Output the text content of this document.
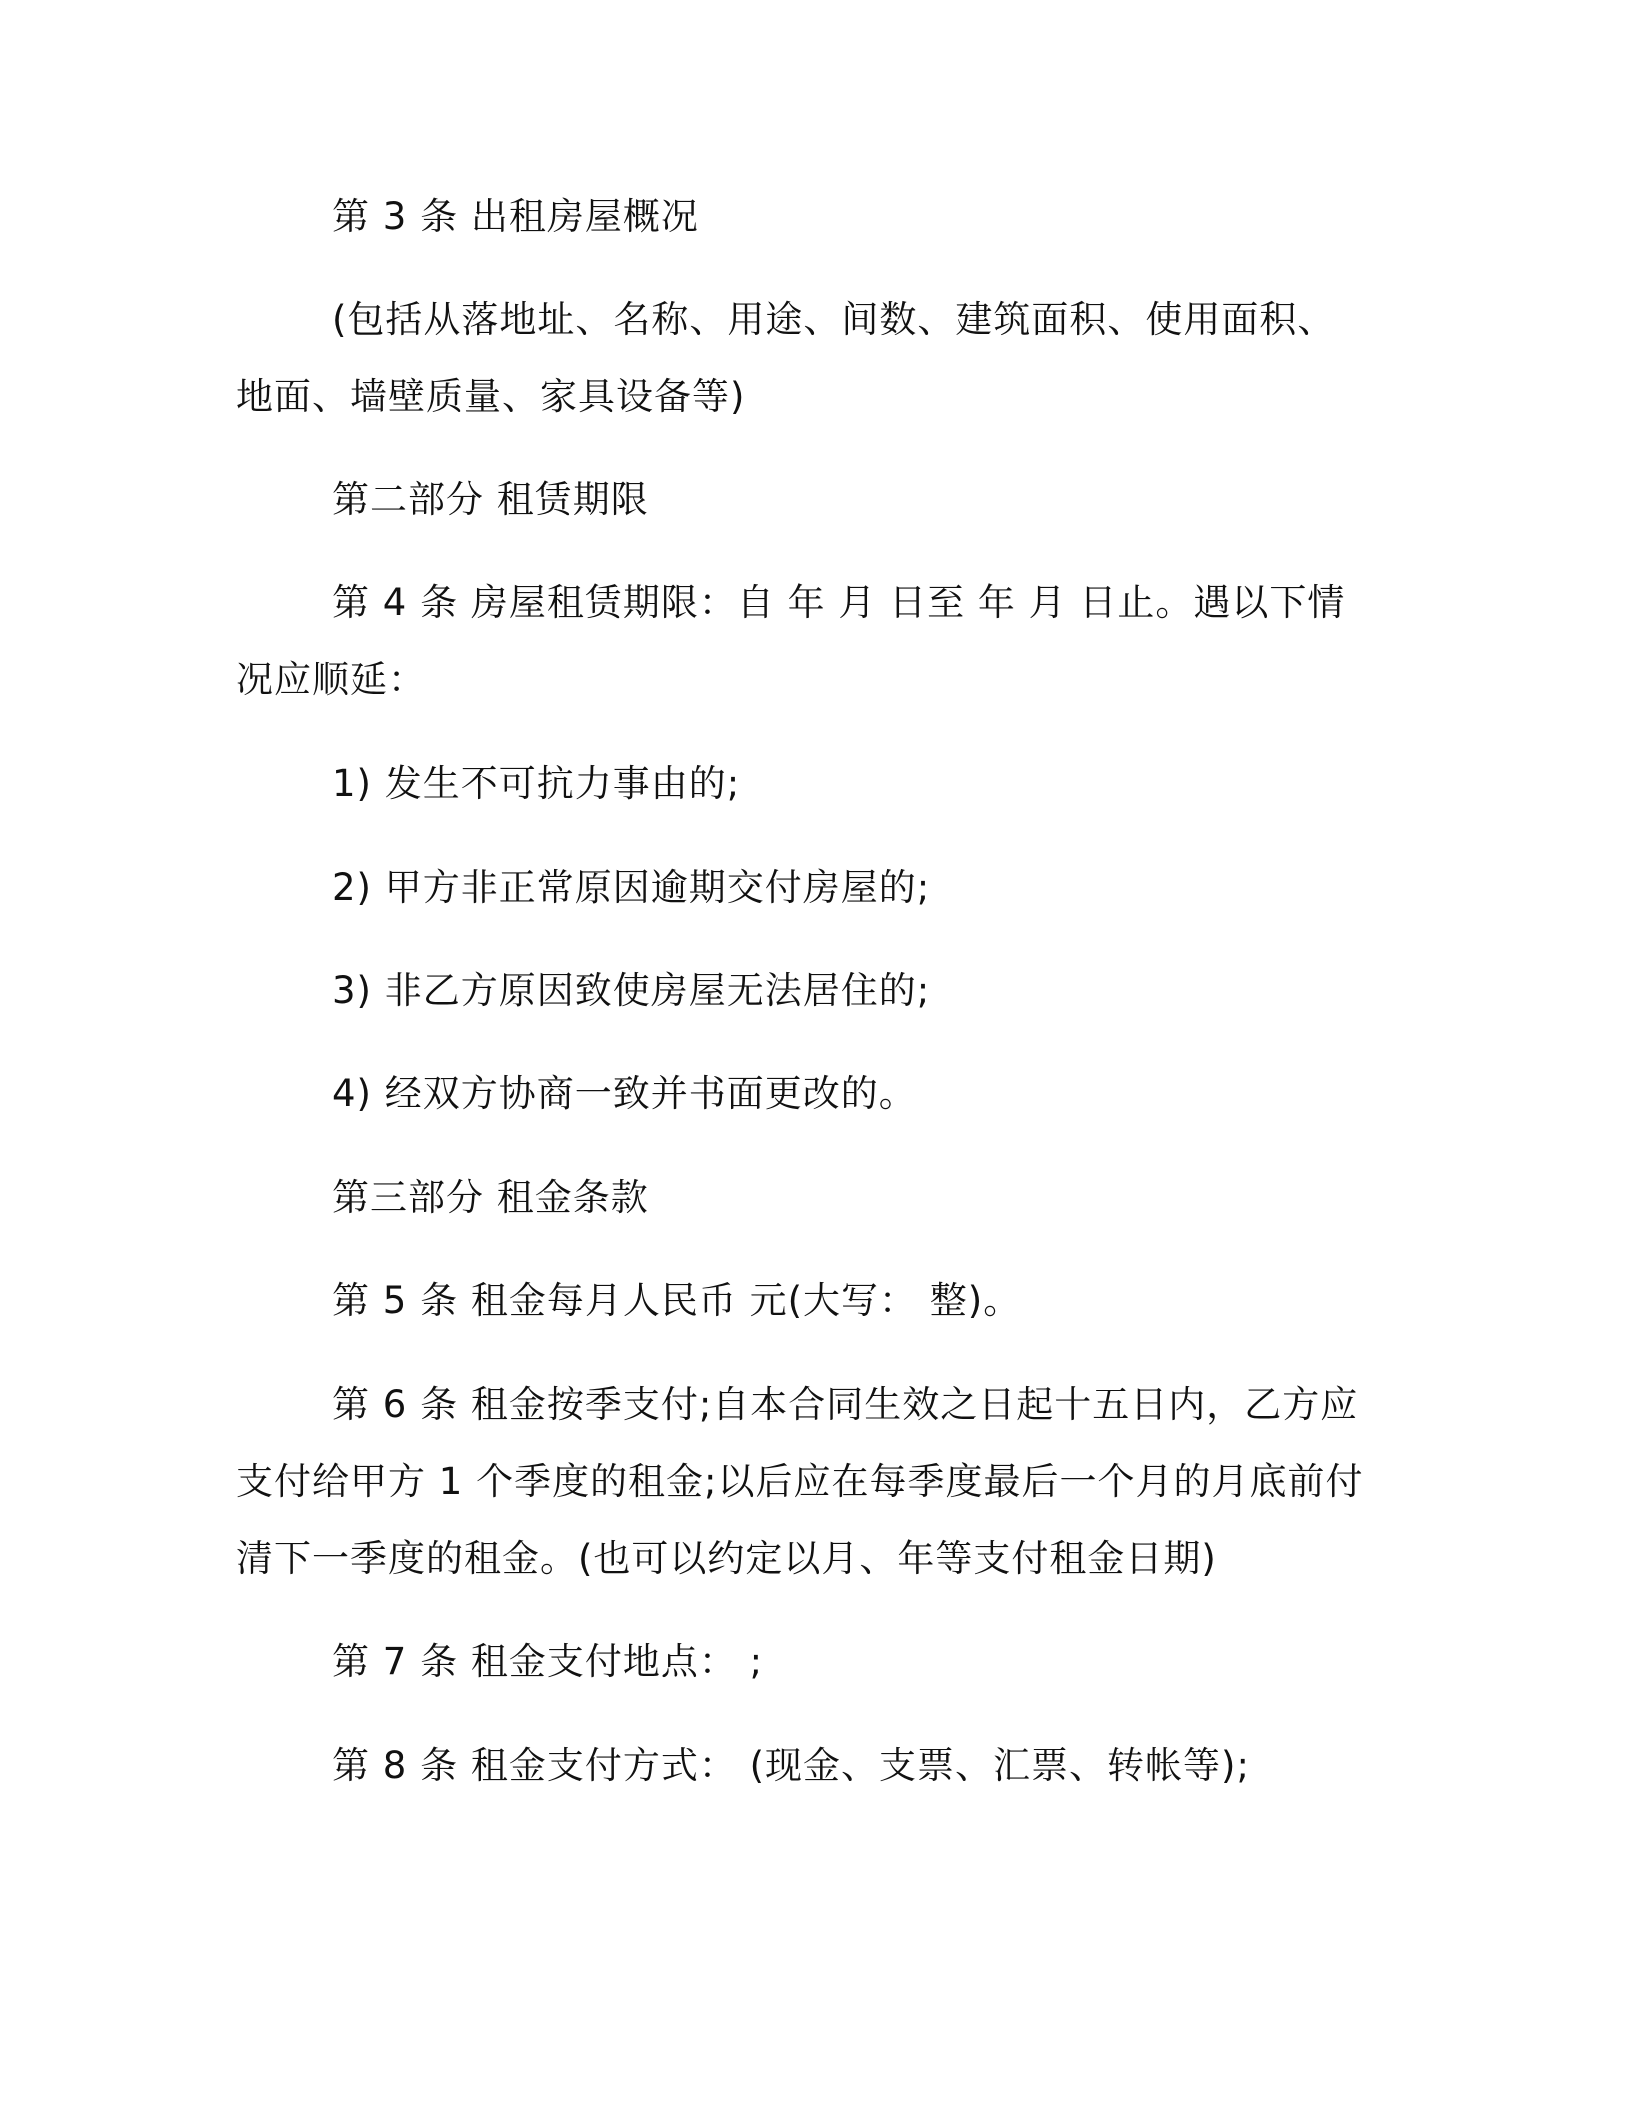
第 3 条 出租房屋概况

(包括从落地址、名称、用途、间数、建筑面积、使用面积、地面、墙壁质量、家具设备等)

第二部分 租赁期限

第 4 条 房屋租赁期限：自 年 月 日至 年 月 日止。遇以下情况应顺延：

1) 发生不可抗力事由的;

2) 甲方非正常原因逾期交付房屋的;

3) 非乙方原因致使房屋无法居住的;

4) 经双方协商一致并书面更改的。

第三部分 租金条款

第 5 条 租金每月人民币 元(大写： 整)。

第 6 条 租金按季支付;自本合同生效之日起十五日内，乙方应支付给甲方 1 个季度的租金;以后应在每季度最后一个月的月底前付清下一季度的租金。(也可以约定以月、年等支付租金日期)

第 7 条 租金支付地点： ;

第 8 条 租金支付方式： (现金、支票、汇票、转帐等);
